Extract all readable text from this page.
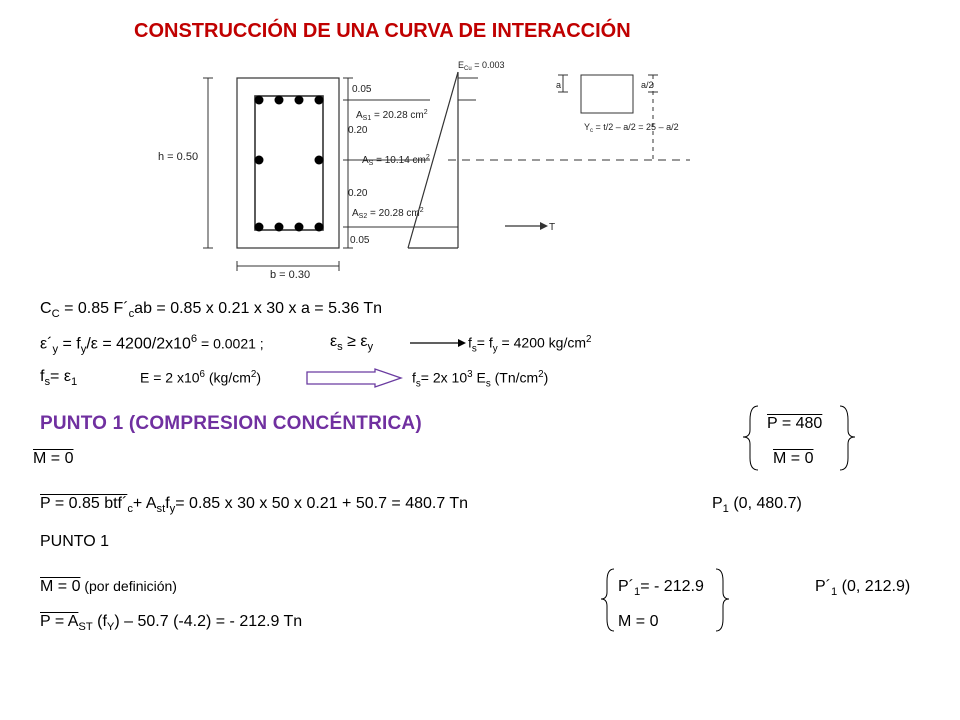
CONSTRUCCIÓN DE UNA CURVA DE INTERACCIÓN
h = 0.50
b = 0.30
0.05
0.20
0.20
0.05
$A_{S1} = 20.28$ $cm^2$
$A_S = 10.14$ $cm^2$
$A_{S2} = 20.28$ $cm^2$
$E_{Cu} = 0.003$
T
a	a/2
$Y_c = t/2 - a/2 = 25 - a/2$
$C_C = 0.85$ $F´_cab = 0.85$ x 0.21 x 30 x a = 5.36 Tn
$\varepsilon´_y = f_y/\varepsilon = 4200/2x10^6 = 0.0021$ ;	$\varepsilon_s \ge \varepsilon_y$	$f_s= f_y = 4200$ $kg/cm^2$
$f_s= \varepsilon_1$	E = 2 $x10^6$ $(kg/cm^2)$	$f_s= 2x$ $10^3$ $E_s$ $(Tn/cm^2)$
PUNTO 1 (COMPRESION CONCÉNTRICA)
M = 0
P = 480
M = 0
P = 0.85 $btf´_c+ A_{st}f_y= 0.85$ x 30 x 50 x 0.21 + 50.7 = 480.7 Tn	$P_1$ (0, 480.7)
PUNTO 1
M = 0 (por definición)
$P = A_{ST}$ $(f_Y) - 50.7$ (-4.2) = - 212.9 Tn
$P´_1= - 212.9$
M = 0
$P´_1$ (0, 212.9)
